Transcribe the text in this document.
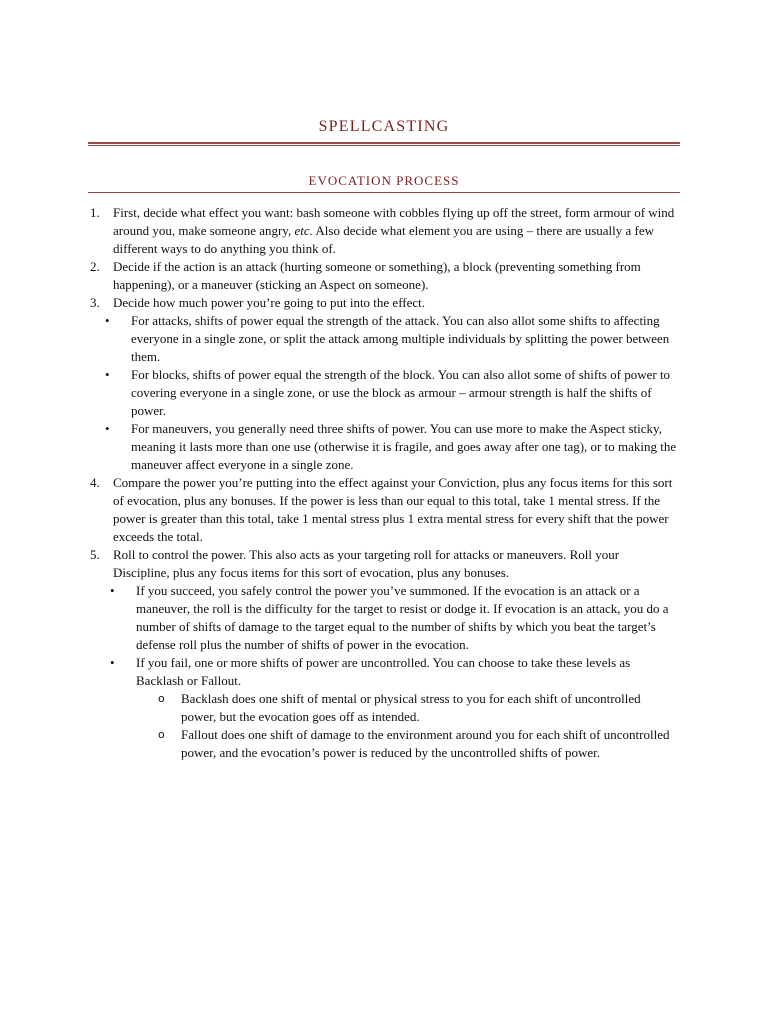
SPELLCASTING
EVOCATION PROCESS
1. First, decide what effect you want: bash someone with cobbles flying up off the street, form armour of wind around you, make someone angry, etc. Also decide what element you are using – there are usually a few different ways to do anything you think of.

2. Decide if the action is an attack (hurting someone or something), a block (preventing something from happening), or a maneuver (sticking an Aspect on someone).

3. Decide how much power you’re going to put into the effect.

• For attacks, shifts of power equal the strength of the attack. You can also allot some shifts to affecting everyone in a single zone, or split the attack among multiple individuals by splitting the power between them.

• For blocks, shifts of power equal the strength of the block. You can also allot some of shifts of power to covering everyone in a single zone, or use the block as armour – armour strength is half the shifts of power.

• For maneuvers, you generally need three shifts of power. You can use more to make the Aspect sticky, meaning it lasts more than one use (otherwise it is fragile, and goes away after one tag), or to making the maneuver affect everyone in a single zone.

4. Compare the power you’re putting into the effect against your Conviction, plus any focus items for this sort of evocation, plus any bonuses. If the power is less than our equal to this total, take 1 mental stress. If the power is greater than this total, take 1 mental stress plus 1 extra mental stress for every shift that the power exceeds the total.

5. Roll to control the power. This also acts as your targeting roll for attacks or maneuvers. Roll your Discipline, plus any focus items for this sort of evocation, plus any bonuses.

• If you succeed, you safely control the power you’ve summoned. If the evocation is an attack or a maneuver, the roll is the difficulty for the target to resist or dodge it. If evocation is an attack, you do a number of shifts of damage to the target equal to the number of shifts by which you beat the target’s defense roll plus the number of shifts of power in the evocation.

• If you fail, one or more shifts of power are uncontrolled. You can choose to take these levels as Backlash or Fallout.

o Backlash does one shift of mental or physical stress to you for each shift of uncontrolled power, but the evocation goes off as intended.

o Fallout does one shift of damage to the environment around you for each shift of uncontrolled power, and the evocation’s power is reduced by the uncontrolled shifts of power.
